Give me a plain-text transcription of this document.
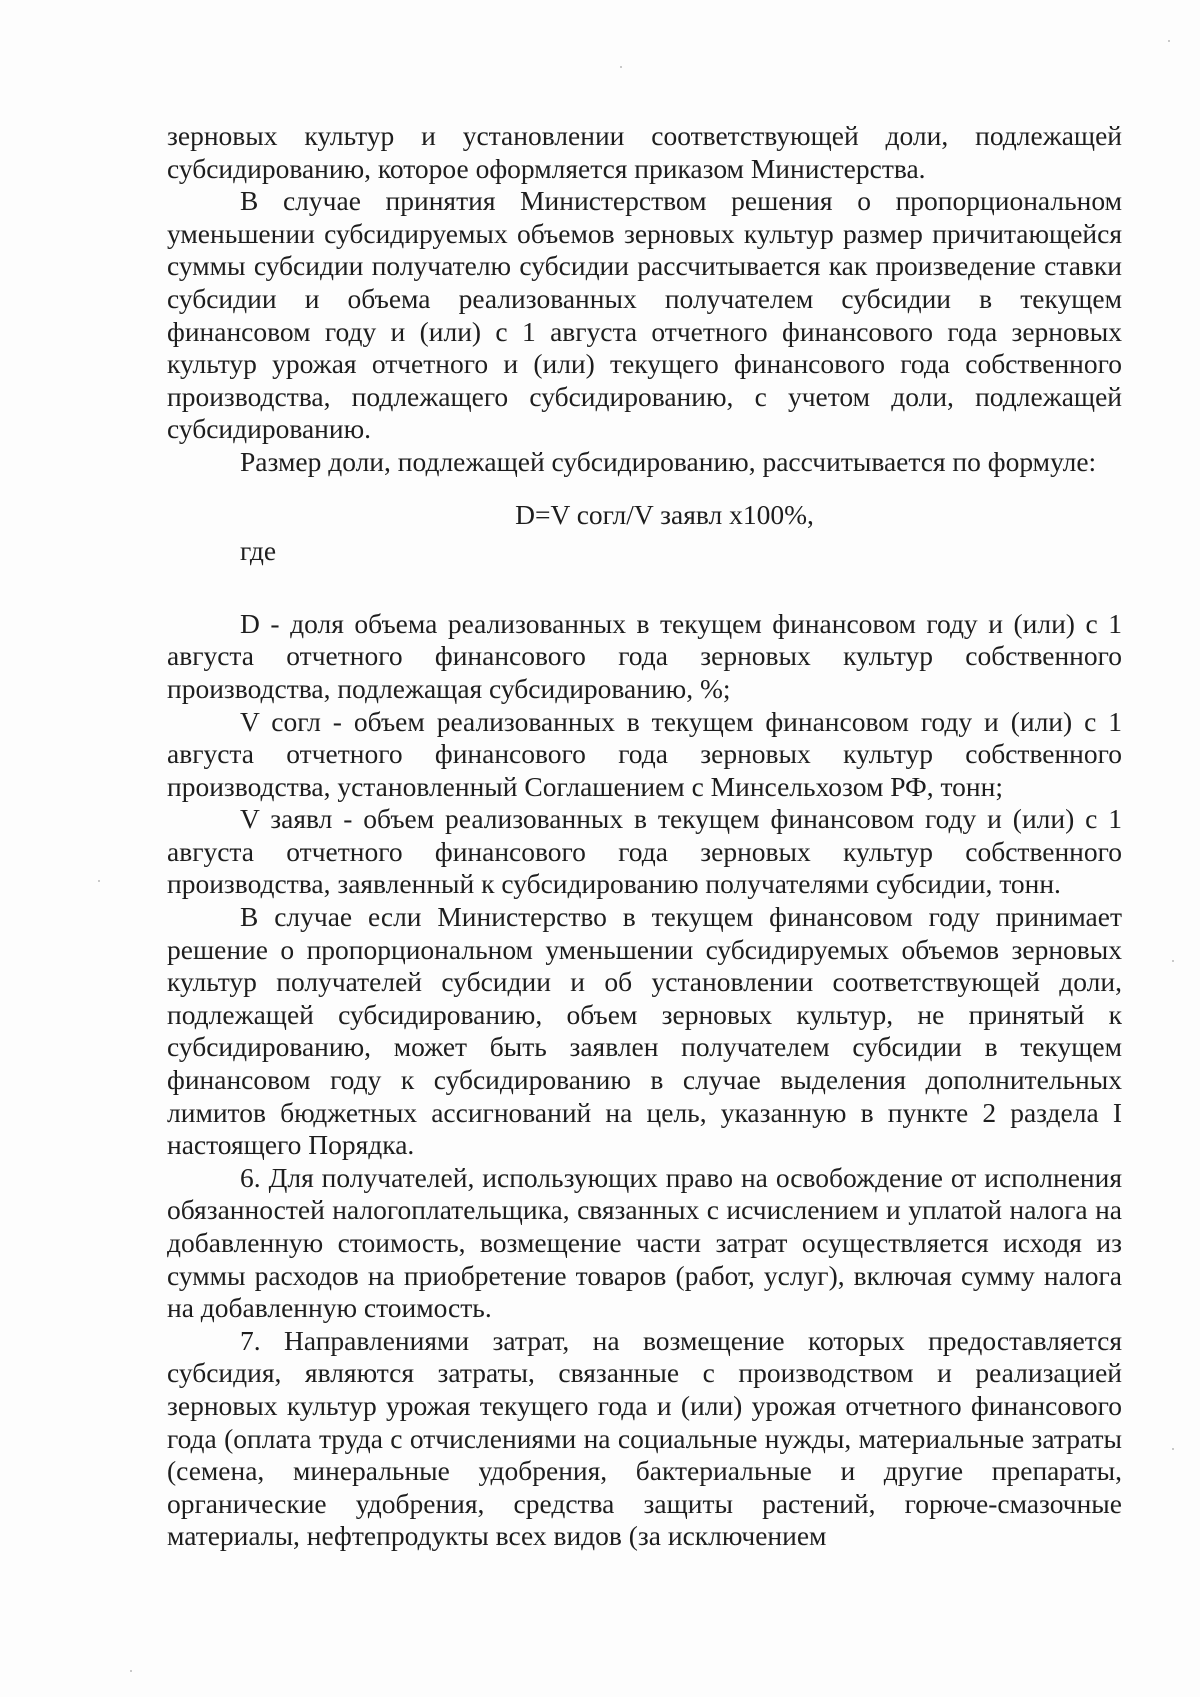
зерновых культур и установлении соответствующей доли, подлежащей субсидированию, которое оформляется приказом Министерства.

В случае принятия Министерством решения о пропорциональном уменьшении субсидируемых объемов зерновых культур размер причитающейся суммы субсидии получателю субсидии рассчитывается как произведение ставки субсидии и объема реализованных получателем субсидии в текущем финансовом году и (или) с 1 августа отчетного финансового года зерновых культур урожая отчетного и (или) текущего финансового года собственного производства, подлежащего субсидированию, с учетом доли, подлежащей субсидированию.

Размер доли, подлежащей субсидированию, рассчитывается по формуле:

D=V согл/V заявл x100%,

где

D - доля объема реализованных в текущем финансовом году и (или) с 1 августа отчетного финансового года зерновых культур собственного производства, подлежащая субсидированию, %;

V согл - объем реализованных в текущем финансовом году и (или) с 1 августа отчетного финансового года зерновых культур собственного производства, установленный Соглашением с Минсельхозом РФ, тонн;

V заявл - объем реализованных в текущем финансовом году и (или) с 1 августа отчетного финансового года зерновых культур собственного производства, заявленный к субсидированию получателями субсидии, тонн.

В случае если Министерство в текущем финансовом году принимает решение о пропорциональном уменьшении субсидируемых объемов зерновых культур получателей субсидии и об установлении соответствующей доли, подлежащей субсидированию, объем зерновых культур, не принятый к субсидированию, может быть заявлен получателем субсидии в текущем финансовом году к субсидированию в случае выделения дополнительных лимитов бюджетных ассигнований на цель, указанную в пункте 2 раздела I настоящего Порядка.

6. Для получателей, использующих право на освобождение от исполнения обязанностей налогоплательщика, связанных с исчислением и уплатой налога на добавленную стоимость, возмещение части затрат осуществляется исходя из суммы расходов на приобретение товаров (работ, услуг), включая сумму налога на добавленную стоимость.

7. Направлениями затрат, на возмещение которых предоставляется субсидия, являются затраты, связанные с производством и реализацией зерновых культур урожая текущего года и (или) урожая отчетного финансового года (оплата труда с отчислениями на социальные нужды, материальные затраты (семена, минеральные удобрения, бактериальные и другие препараты, органические удобрения, средства защиты растений, горюче-смазочные материалы, нефтепродукты всех видов (за исключением
